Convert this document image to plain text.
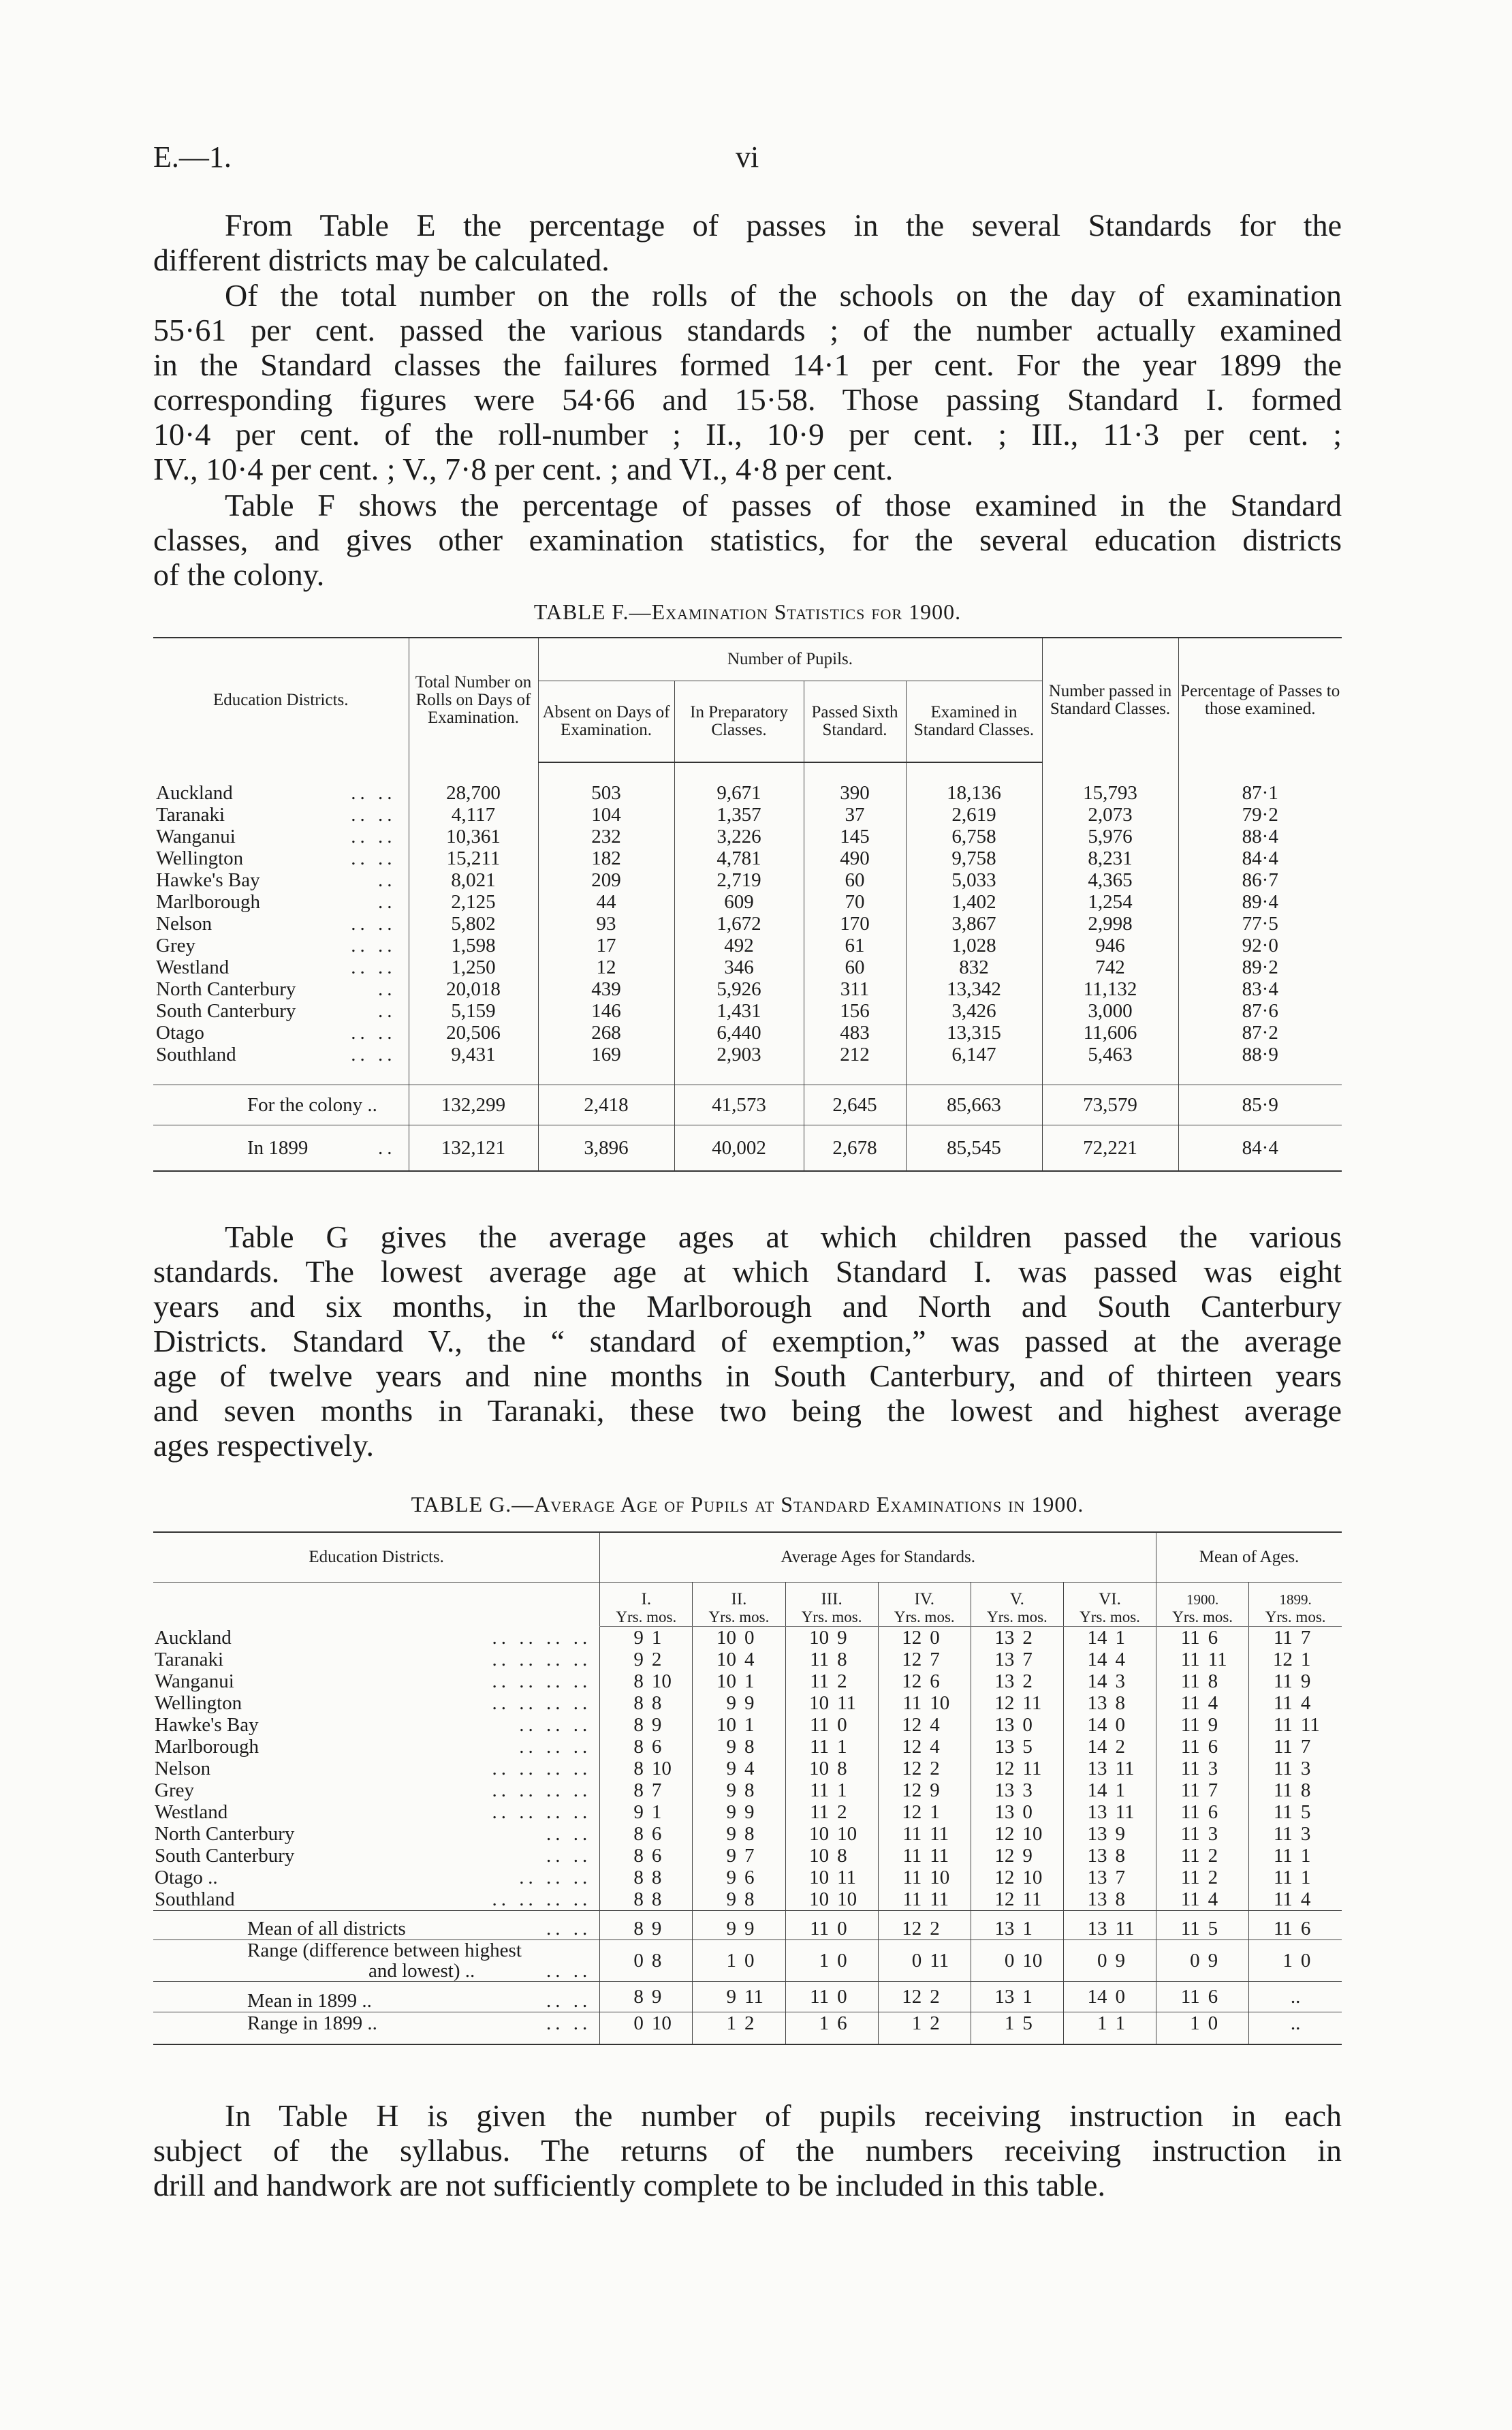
E.—1.	vi

From Table E the percentage of passes in the several Standards for the
different districts may be calculated.

Of the total number on the rolls of the schools on the day of examination
55·61 per cent. passed the various standards ; of the number actually examined
in the Standard classes the failures formed 14·1 per cent. For the year 1899 the
corresponding figures were 54·66 and 15·58. Those passing Standard I. formed
10·4 per cent. of the roll-number ; II., 10·9 per cent. ; III., 11·3 per cent. ;
IV., 10·4 per cent. ; V., 7·8 per cent. ; and VI., 4·8 per cent.

Table F shows the percentage of passes of those examined in the Standard
classes, and gives other examination statistics, for the several education districts
of the colony.

TABLE F.—Examination Statistics for 1900.
Education Districts.	Total Number on Rolls on Days of Examination.	Number of Pupils.				Number passed in Standard Classes.	Percentage of Passes to those examined.
		Absent on Days of Examination.	In Preparatory Classes.	Passed Sixth Standard.	Examined in Standard Classes.		

Auckland .. ..	28,700	503	9,671	390	18,136	15,793	87·1
Taranaki .. ..	4,117	104	1,357	37	2,619	2,073	79·2
Wanganui .. ..	10,361	232	3,226	145	6,758	5,976	88·4
Wellington .. ..	15,211	182	4,781	490	9,758	8,231	84·4
Hawke's Bay ..	8,021	209	2,719	60	5,033	4,365	86·7
Marlborough ..	2,125	44	609	70	1,402	1,254	89·4
Nelson .. ..	5,802	93	1,672	170	3,867	2,998	77·5
Grey .. ..	1,598	17	492	61	1,028	946	92·0
Westland .. ..	1,250	12	346	60	832	742	89·2
North Canterbury ..	20,018	439	5,926	311	13,342	11,132	83·4
South Canterbury ..	5,159	146	1,431	156	3,426	3,000	87·6
Otago .. ..	20,506	268	6,440	483	13,315	11,606	87·2
Southland .. ..	9,431	169	2,903	212	6,147	5,463	88·9

For the colony ..	132,299	2,418	41,573	2,645	85,663	73,579	85·9
In 1899 ..	132,121	3,896	40,002	2,678	85,545	72,221	84·4

Table G gives the average ages at which children passed the various
standards. The lowest average age at which Standard I. was passed was eight
years and six months, in the Marlborough and North and South Canterbury
Districts. Standard V., the “ standard of exemption,” was passed at the average
age of twelve years and nine months in South Canterbury, and of thirteen years
and seven months in Taranaki, these two being the lowest and highest average
ages respectively.

TABLE G.—Average Age of Pupils at Standard Examinations in 1900.
Education Districts.	Average Ages for Standards.												Mean of Ages.			
	I.		II.		III.		IV.		V.		VI.		1900.		1899.	
	Yrs. mos.		Yrs. mos.		Yrs. mos.		Yrs. mos.		Yrs. mos.		Yrs. mos.		Yrs. mos.		Yrs. mos.	
Auckland .. .. .. ..	9	1	10	0	10	9	12	0	13	2	14	1	11	6	11	7
Taranaki .. .. .. ..	9	2	10	4	11	8	12	7	13	7	14	4	11	11	12	1
Wanganui .. .. .. ..	8	10	10	1	11	2	12	6	13	2	14	3	11	8	11	9
Wellington .. .. .. ..	8	8	9	9	10	11	11	10	12	11	13	8	11	4	11	4
Hawke's Bay .. .. ..	8	9	10	1	11	0	12	4	13	0	14	0	11	9	11	11
Marlborough .. .. ..	8	6	9	8	11	1	12	4	13	5	14	2	11	6	11	7
Nelson .. .. .. ..	8	10	9	4	10	8	12	2	12	11	13	11	11	3	11	3
Grey .. .. .. ..	8	7	9	8	11	1	12	9	13	3	14	1	11	7	11	8
Westland .. .. .. ..	9	1	9	9	11	2	12	1	13	0	13	11	11	6	11	5
North Canterbury .. ..	8	6	9	8	10	10	11	11	12	10	13	9	11	3	11	3
South Canterbury .. ..	8	6	9	7	10	8	11	11	12	9	13	8	11	2	11	1
Otago .. .. .. ..	8	8	9	6	10	11	11	10	12	10	13	7	11	2	11	1
Southland .. .. .. ..	8	8	9	8	10	10	11	11	12	11	13	8	11	4	11	4
Mean of all districts .. ..	8	9	9	9	11	0	12	2	13	1	13	11	11	5	11	6

Range (difference between highest
and lowest) .. .. ..	0	8	1	0	1	0	0	11	0	10	0	9	0	9	1	0
Mean in 1899 .. .. ..	8	9	9	11	11	0	12	2	13	1	14	0	11	6	..	
Range in 1899 .. .. ..	0	10	1	2	1	6	1	2	1	5	1	1	1	0	..	

In Table H is given the number of pupils receiving instruction in each
subject of the syllabus. The returns of the numbers receiving instruction in
drill and handwork are not sufficiently complete to be included in this table.
